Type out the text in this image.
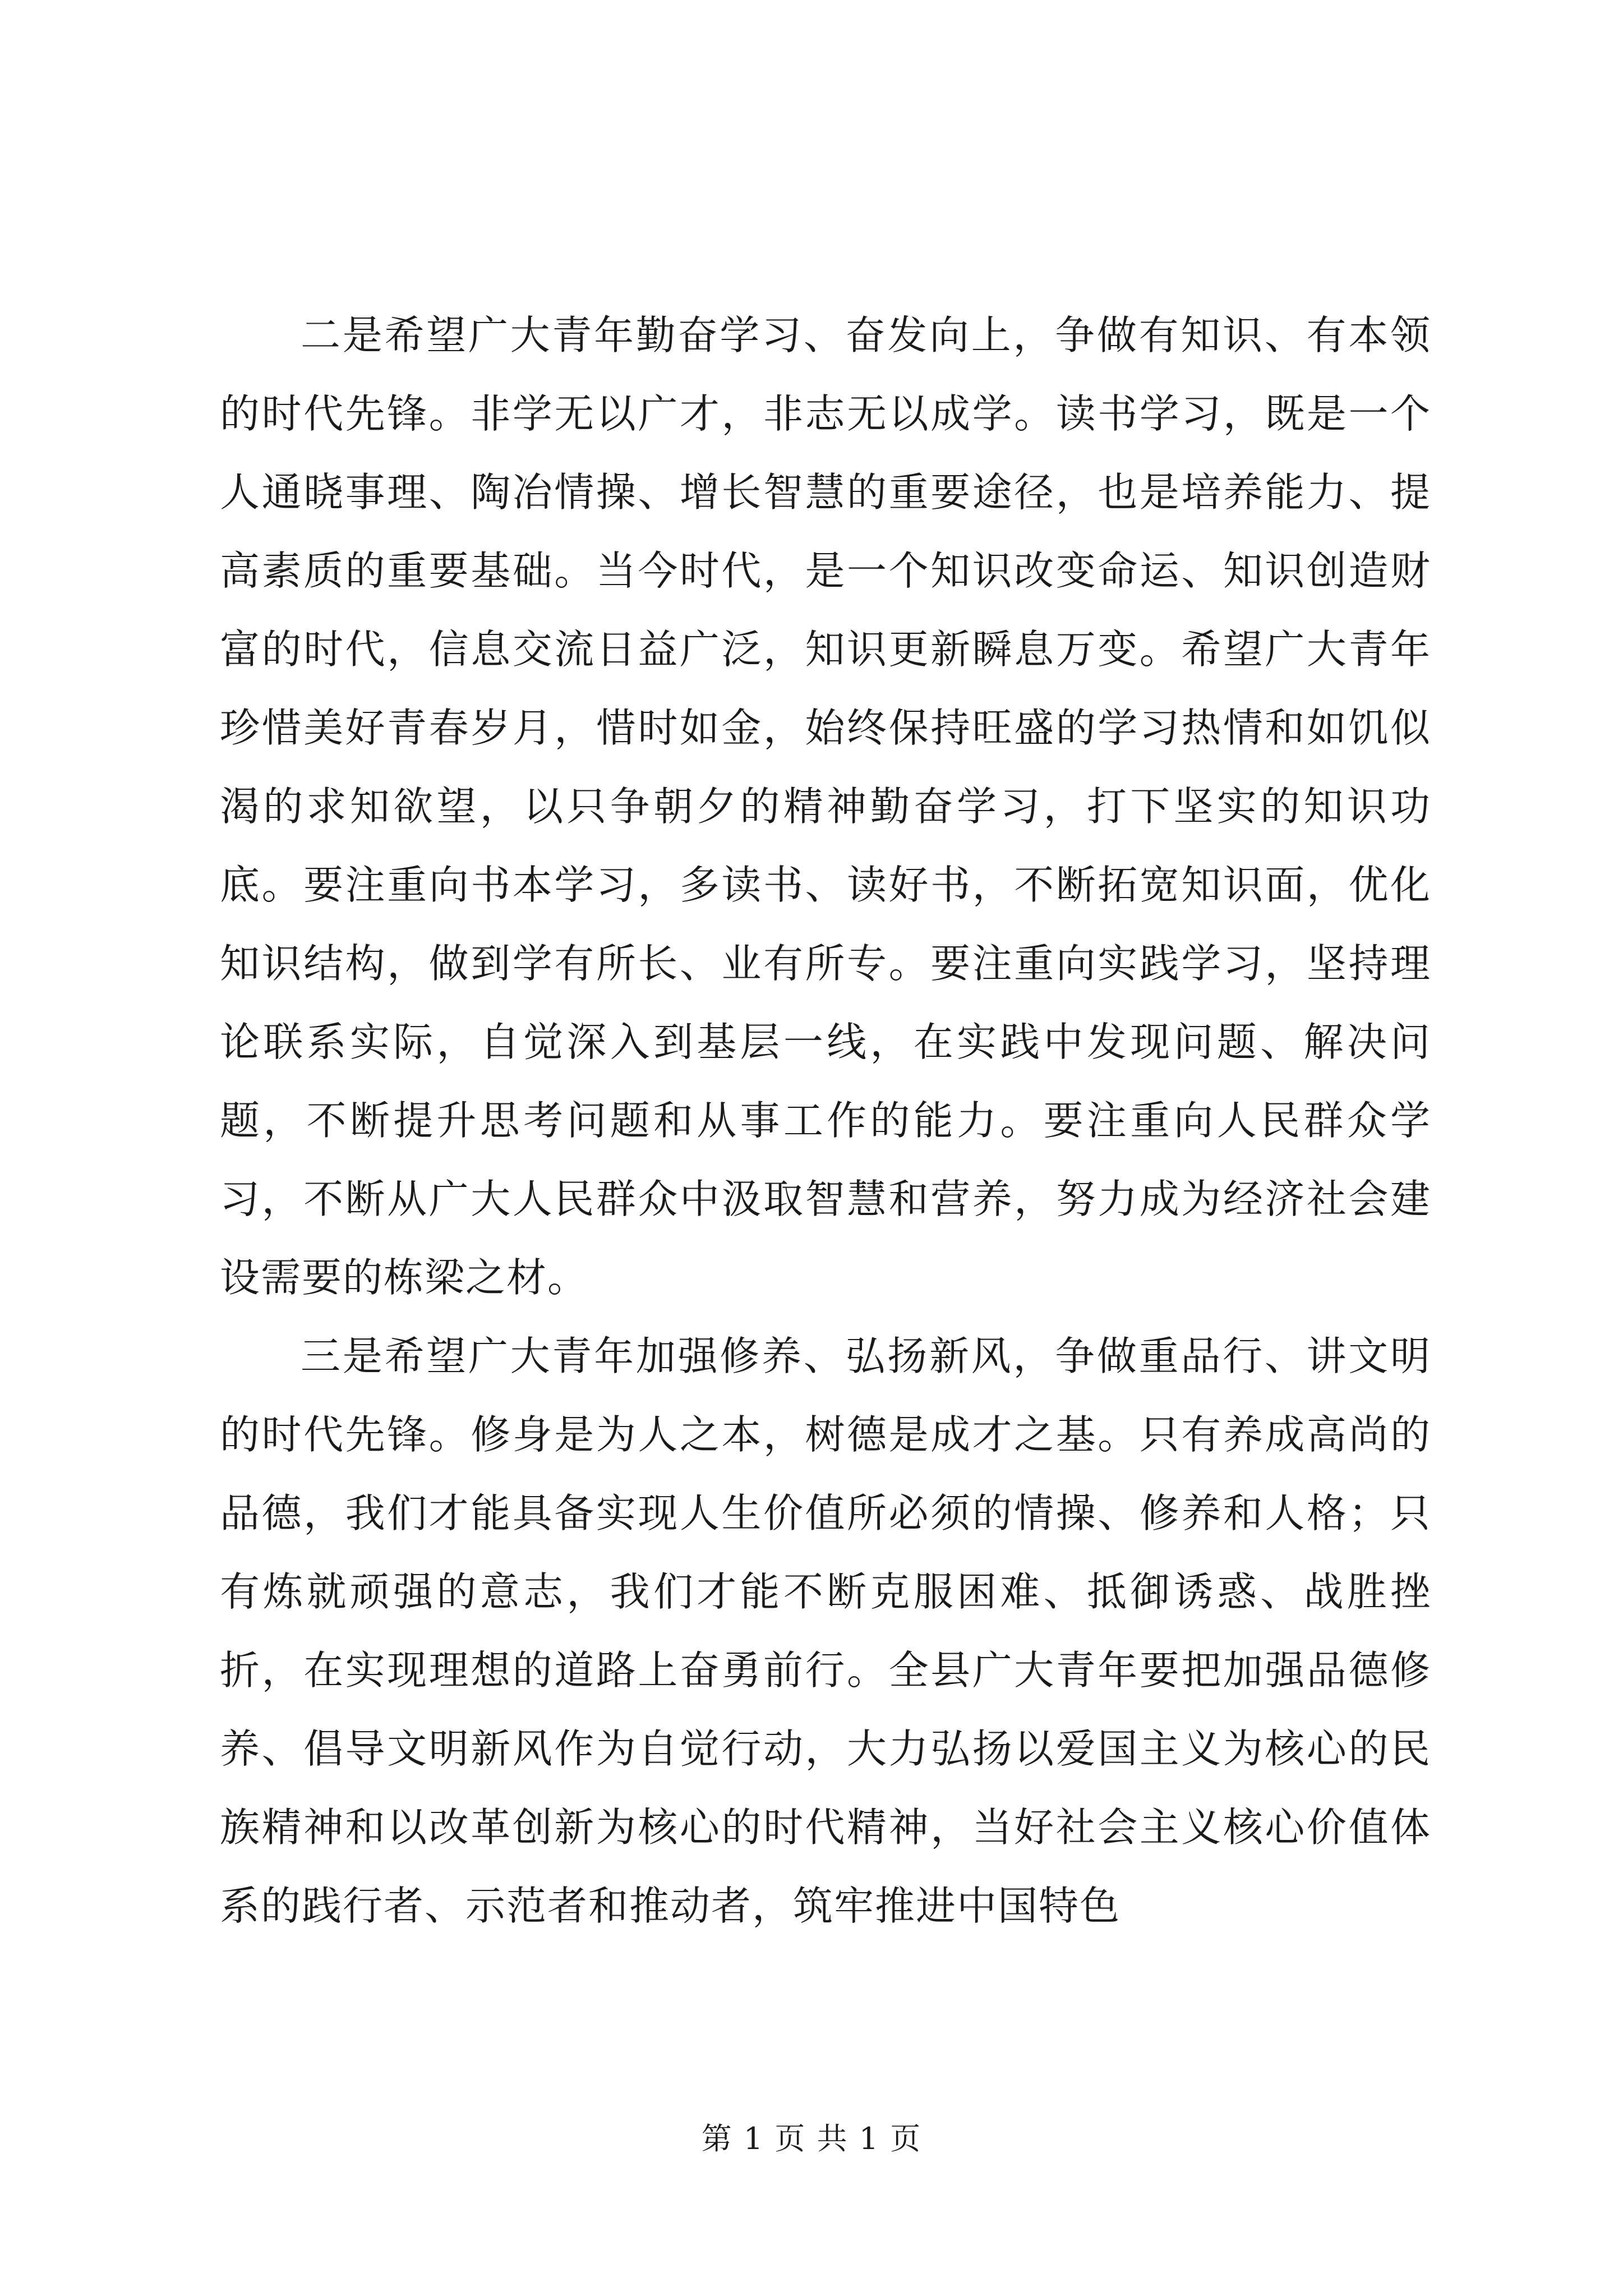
二是希望广大青年勤奋学习、奋发向上，争做有知识、有本领的时代先锋。非学无以广才，非志无以成学。读书学习，既是一个人通晓事理、陶冶情操、增长智慧的重要途径，也是培养能力、提高素质的重要基础。当今时代，是一个知识改变命运、知识创造财富的时代，信息交流日益广泛，知识更新瞬息万变。希望广大青年珍惜美好青春岁月，惜时如金，始终保持旺盛的学习热情和如饥似渴的求知欲望，以只争朝夕的精神勤奋学习，打下坚实的知识功底。要注重向书本学习，多读书、读好书，不断拓宽知识面，优化知识结构，做到学有所长、业有所专。要注重向实践学习，坚持理论联系实际，自觉深入到基层一线，在实践中发现问题、解决问题，不断提升思考问题和从事工作的能力。要注重向人民群众学习，不断从广大人民群众中汲取智慧和营养，努力成为经济社会建设需要的栋梁之材。

三是希望广大青年加强修养、弘扬新风，争做重品行、讲文明的时代先锋。修身是为人之本，树德是成才之基。只有养成高尚的品德，我们才能具备实现人生价值所必须的情操、修养和人格；只有炼就顽强的意志，我们才能不断克服困难、抵御诱惑、战胜挫折，在实现理想的道路上奋勇前行。全县广大青年要把加强品德修养、倡导文明新风作为自觉行动，大力弘扬以爱国主义为核心的民族精神和以改革创新为核心的时代精神，当好社会主义核心价值体系的践行者、示范者和推动者，筑牢推进中国特色

第 1 页 共 1 页
